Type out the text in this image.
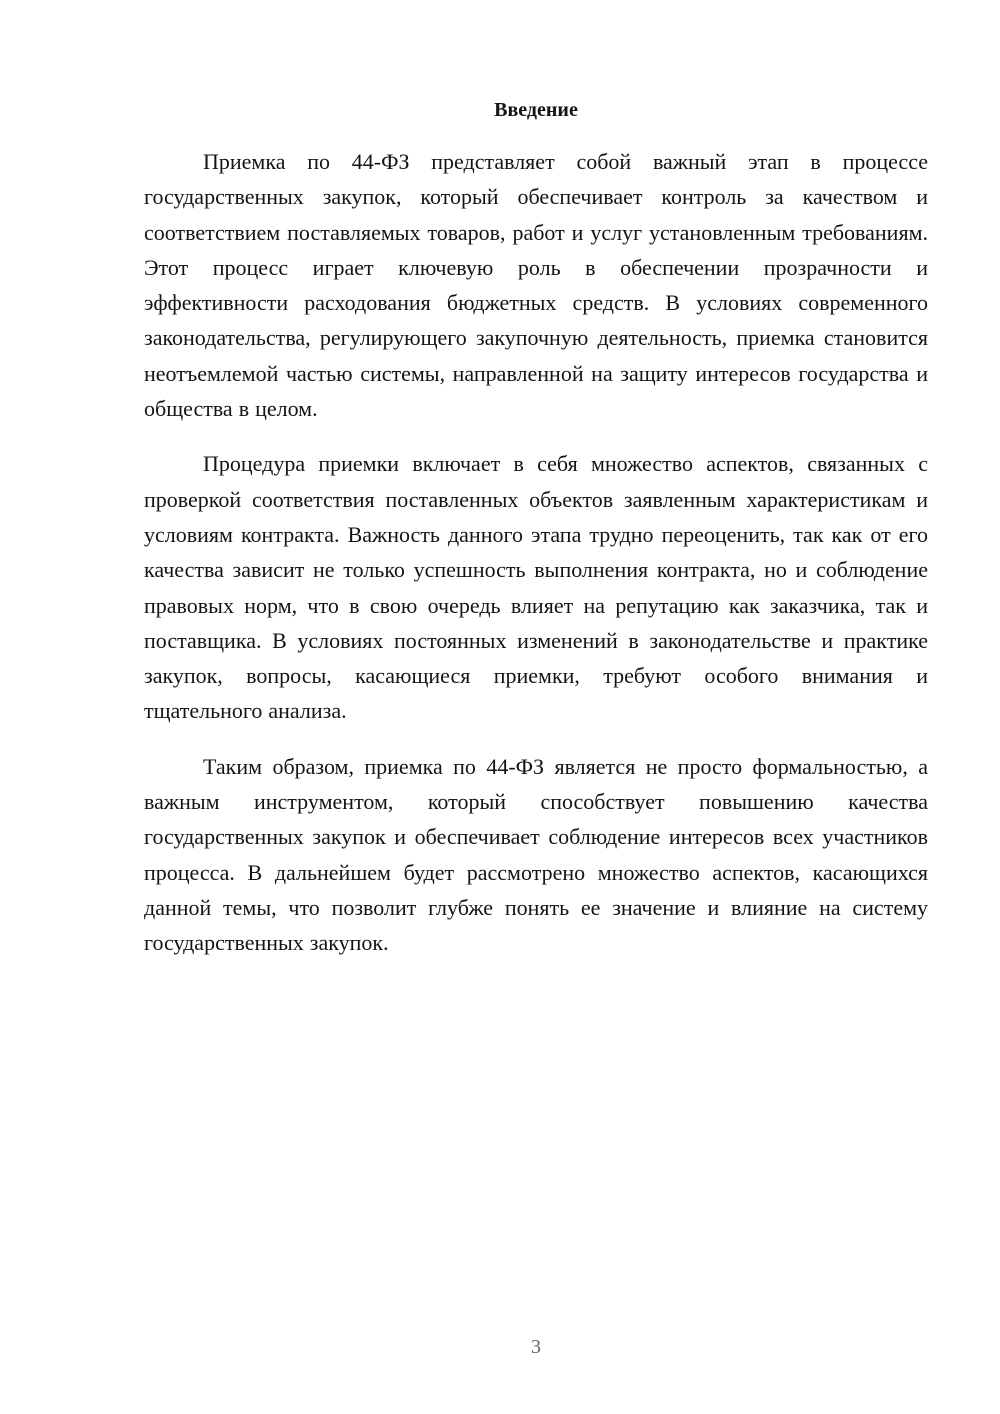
Введение

Приемка по 44-ФЗ представляет собой важный этап в процессе государственных закупок, который обеспечивает контроль за качеством и соответствием поставляемых товаров, работ и услуг установленным требованиям. Этот процесс играет ключевую роль в обеспечении прозрачности и эффективности расходования бюджетных средств. В условиях современного законодательства, регулирующего закупочную деятельность, приемка становится неотъемлемой частью системы, направленной на защиту интересов государства и общества в целом.

Процедура приемки включает в себя множество аспектов, связанных с проверкой соответствия поставленных объектов заявленным характеристикам и условиям контракта. Важность данного этапа трудно переоценить, так как от его качества зависит не только успешность выполнения контракта, но и соблюдение правовых норм, что в свою очередь влияет на репутацию как заказчика, так и поставщика. В условиях постоянных изменений в законодательстве и практике закупок, вопросы, касающиеся приемки, требуют особого внимания и тщательного анализа.

Таким образом, приемка по 44-ФЗ является не просто формальностью, а важным инструментом, который способствует повышению качества государственных закупок и обеспечивает соблюдение интересов всех участников процесса. В дальнейшем будет рассмотрено множество аспектов, касающихся данной темы, что позволит глубже понять ее значение и влияние на систему государственных закупок.

3
